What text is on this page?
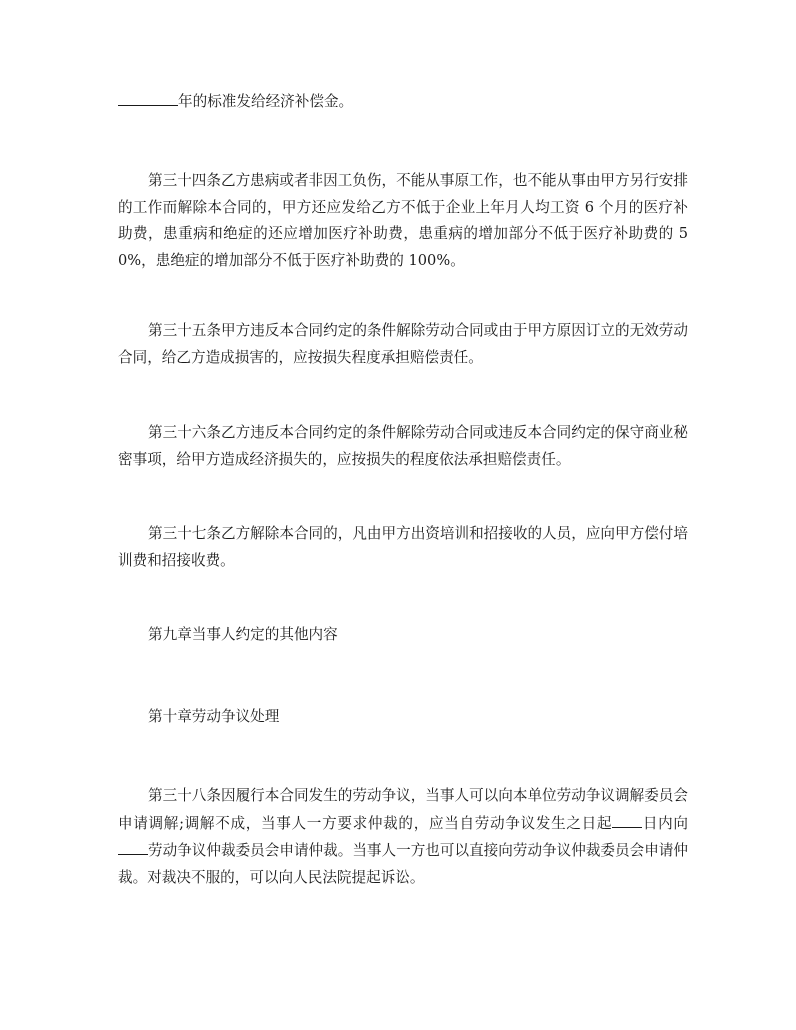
年的标准发给经济补偿金。

第三十四条乙方患病或者非因工负伤，不能从事原工作，也不能从事由甲方另行安排的工作而解除本合同的，甲方还应发给乙方不低于企业上年月人均工资 6 个月的医疗补助费，患重病和绝症的还应增加医疗补助费，患重病的增加部分不低于医疗补助费的 50%，患绝症的增加部分不低于医疗补助费的 100%。

第三十五条甲方违反本合同约定的条件解除劳动合同或由于甲方原因订立的无效劳动合同，给乙方造成损害的，应按损失程度承担赔偿责任。

第三十六条乙方违反本合同约定的条件解除劳动合同或违反本合同约定的保守商业秘密事项，给甲方造成经济损失的，应按损失的程度依法承担赔偿责任。

第三十七条乙方解除本合同的，凡由甲方出资培训和招接收的人员，应向甲方偿付培训费和招接收费。

第九章当事人约定的其他内容

第十章劳动争议处理

第三十八条因履行本合同发生的劳动争议，当事人可以向本单位劳动争议调解委员会申请调解;调解不成，当事人一方要求仲裁的，应当自劳动争议发生之日起 日内向劳动争议仲裁委员会申请仲裁。当事人一方也可以直接向劳动争议仲裁委员会申请仲裁。对裁决不服的，可以向人民法院提起诉讼。
